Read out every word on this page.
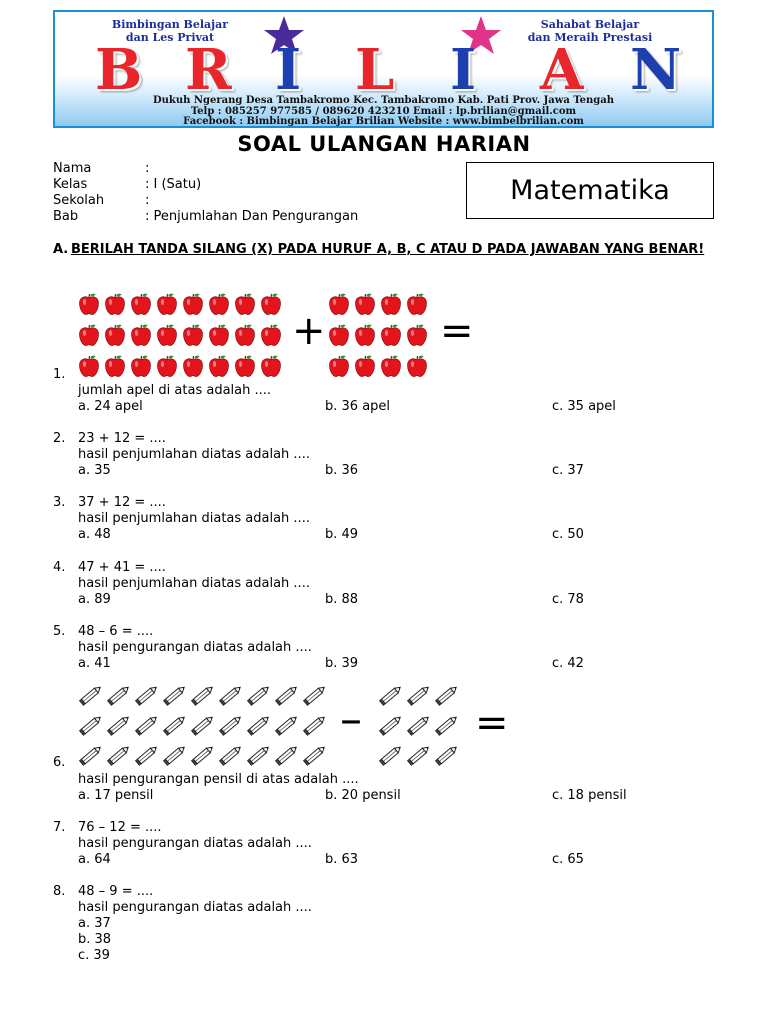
Bimbingan Belajar
dan Les Privat
Sahabat Belajar
dan Meraih Prestasi
B R I L I A N
Dukuh Ngerang Desa Tambakromo Kec. Tambakromo Kab. Pati Prov. Jawa Tengah
Telp : 085257 977585 / 089620 423210 Email : lp.brilian@gmail.com
Facebook : Bimbingan Belajar Brilian Website : www.bimbelbrilian.com
SOAL ULANGAN HARIAN
Nama	:
Kelas	: I (Satu)
Sekolah	:
Bab	: Penjumlahan Dan Pengurangan
Matematika
A. BERILAH TANDA SILANG (X) PADA HURUF A, B, C ATAU D PADA JAWABAN YANG BENAR!
+	=
–	=
1.
jumlah apel di atas adalah ....
a. 24 apel	b. 36 apel	c. 35 apel
2. 23 + 12 = ....
hasil penjumlahan diatas adalah ....
a. 35	b. 36	c. 37
3. 37 + 12 = ....
hasil penjumlahan diatas adalah ....
a. 48	b. 49	c. 50
4. 47 + 41 = ....
hasil penjumlahan diatas adalah ....
a. 89	b. 88	c. 78
5. 48 – 6 = ....
hasil pengurangan diatas adalah ....
a. 41	b. 39	c. 42
6.
hasil pengurangan pensil di atas adalah ....
a. 17 pensil	b. 20 pensil	c. 18 pensil
7. 76 – 12 = ....
hasil pengurangan diatas adalah ....
a. 64	b. 63	c. 65
8. 48 – 9 = ....
hasil pengurangan diatas adalah ....
a. 37
b. 38
c. 39
